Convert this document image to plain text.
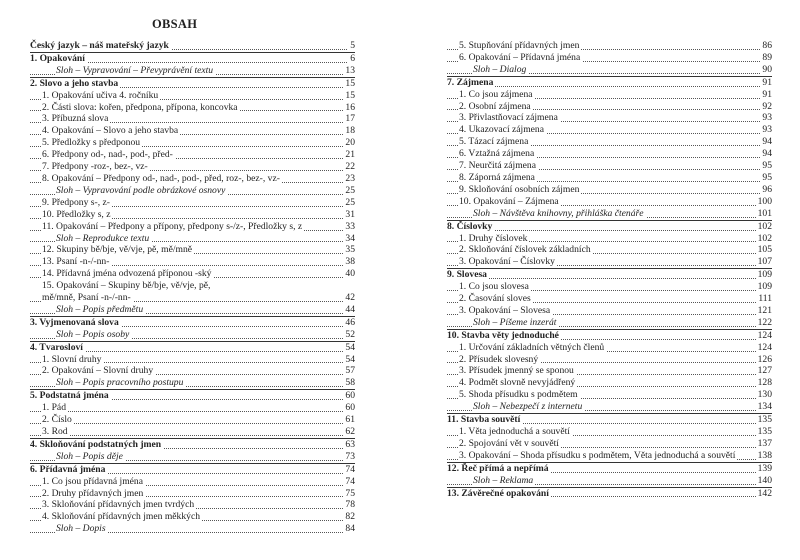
OBSAH
Český jazyk – náš mateřský jazyk	5
1. Opakování	6
Sloh – Vypravování – Převyprávění textu	13
2. Slovo a jeho stavba	15
1. Opakování učiva 4. ročníku	15
2. Části slova: kořen, předpona, přípona, koncovka	16
3. Příbuzná slova	17
4. Opakování – Slovo a jeho stavba	18
5. Předložky s předponou	20
6. Předpony od-, nad-, pod-, před-	21
7. Předpony -roz-, bez-, vz-	22
8. Opakování – Předpony od-, nad-, pod-, před, roz-, bez-, vz-	23
Sloh – Vypravování podle obrázkové osnovy	25
9. Předpony s-, z-	25
10. Předložky s, z	31
11. Opakování – Předpony a přípony, předpony s-/z-, Předložky s, z	33
Sloh – Reprodukce textu	34
12. Skupiny bě/bje, vě/vje, pě, mě/mně	35
13. Psaní -n-/-nn-	38
14. Přídavná jména odvozená příponou -ský	40
15. Opakování – Skupiny bě/bje, vě/vje, pě,
mě/mně, Psaní -n-/-nn-	42
Sloh – Popis předmětu	44
3. Vyjmenovaná slova	46
Sloh – Popis osoby	52
4. Tvarosloví	54
1. Slovní druhy	54
2. Opakování – Slovní druhy	57
Sloh – Popis pracovního postupu	58
5. Podstatná jména	60
1. Pád	60
2. Číslo	61
3. Rod	62
4. Skloňování podstatných jmen	63
Sloh – Popis děje	73
6. Přídavná jména	74
1. Co jsou přídavná jména	74
2. Druhy přídavných jmen	75
3. Skloňování přídavných jmen tvrdých	78
4. Skloňování přídavných jmen měkkých	82
Sloh – Dopis	84
5. Stupňování přídavných jmen	86
6. Opakování – Přídavná jména	89
Sloh – Dialog	90
7. Zájmena	91
1. Co jsou zájmena	91
2. Osobní zájmena	92
3. Přivlastňovací zájmena	93
4. Ukazovací zájmena	93
5. Tázací zájmena	94
6. Vztažná zájmena	94
7. Neurčitá zájmena	95
8. Záporná zájmena	95
9. Skloňování osobních zájmen	96
10. Opakování – Zájmena	100
Sloh – Návštěva knihovny, přihláška čtenáře	101
8. Číslovky	102
1. Druhy číslovek	102
2. Skloňování číslovek základních	105
3. Opakování – Číslovky	107
9. Slovesa	109
1. Co jsou slovesa	109
2. Časování sloves	111
3. Opakování – Slovesa	121
Sloh – Píšeme inzerát	122
10. Stavba věty jednoduché	124
1. Určování základních větných členů	124
2. Přísudek slovesný	126
3. Přísudek jmenný se sponou	127
4. Podmět slovně nevyjádřený	128
5. Shoda přísudku s podmětem	130
Sloh – Nebezpečí z internetu	134
11. Stavba souvětí	135
1. Věta jednoduchá a souvětí	135
2. Spojování vět v souvětí	137
3. Opakování – Shoda přísudku s podmětem, Věta jednoduchá a souvětí 138
12. Řeč přímá a nepřímá	139
Sloh – Reklama	140
13. Závěrečné opakování	142
